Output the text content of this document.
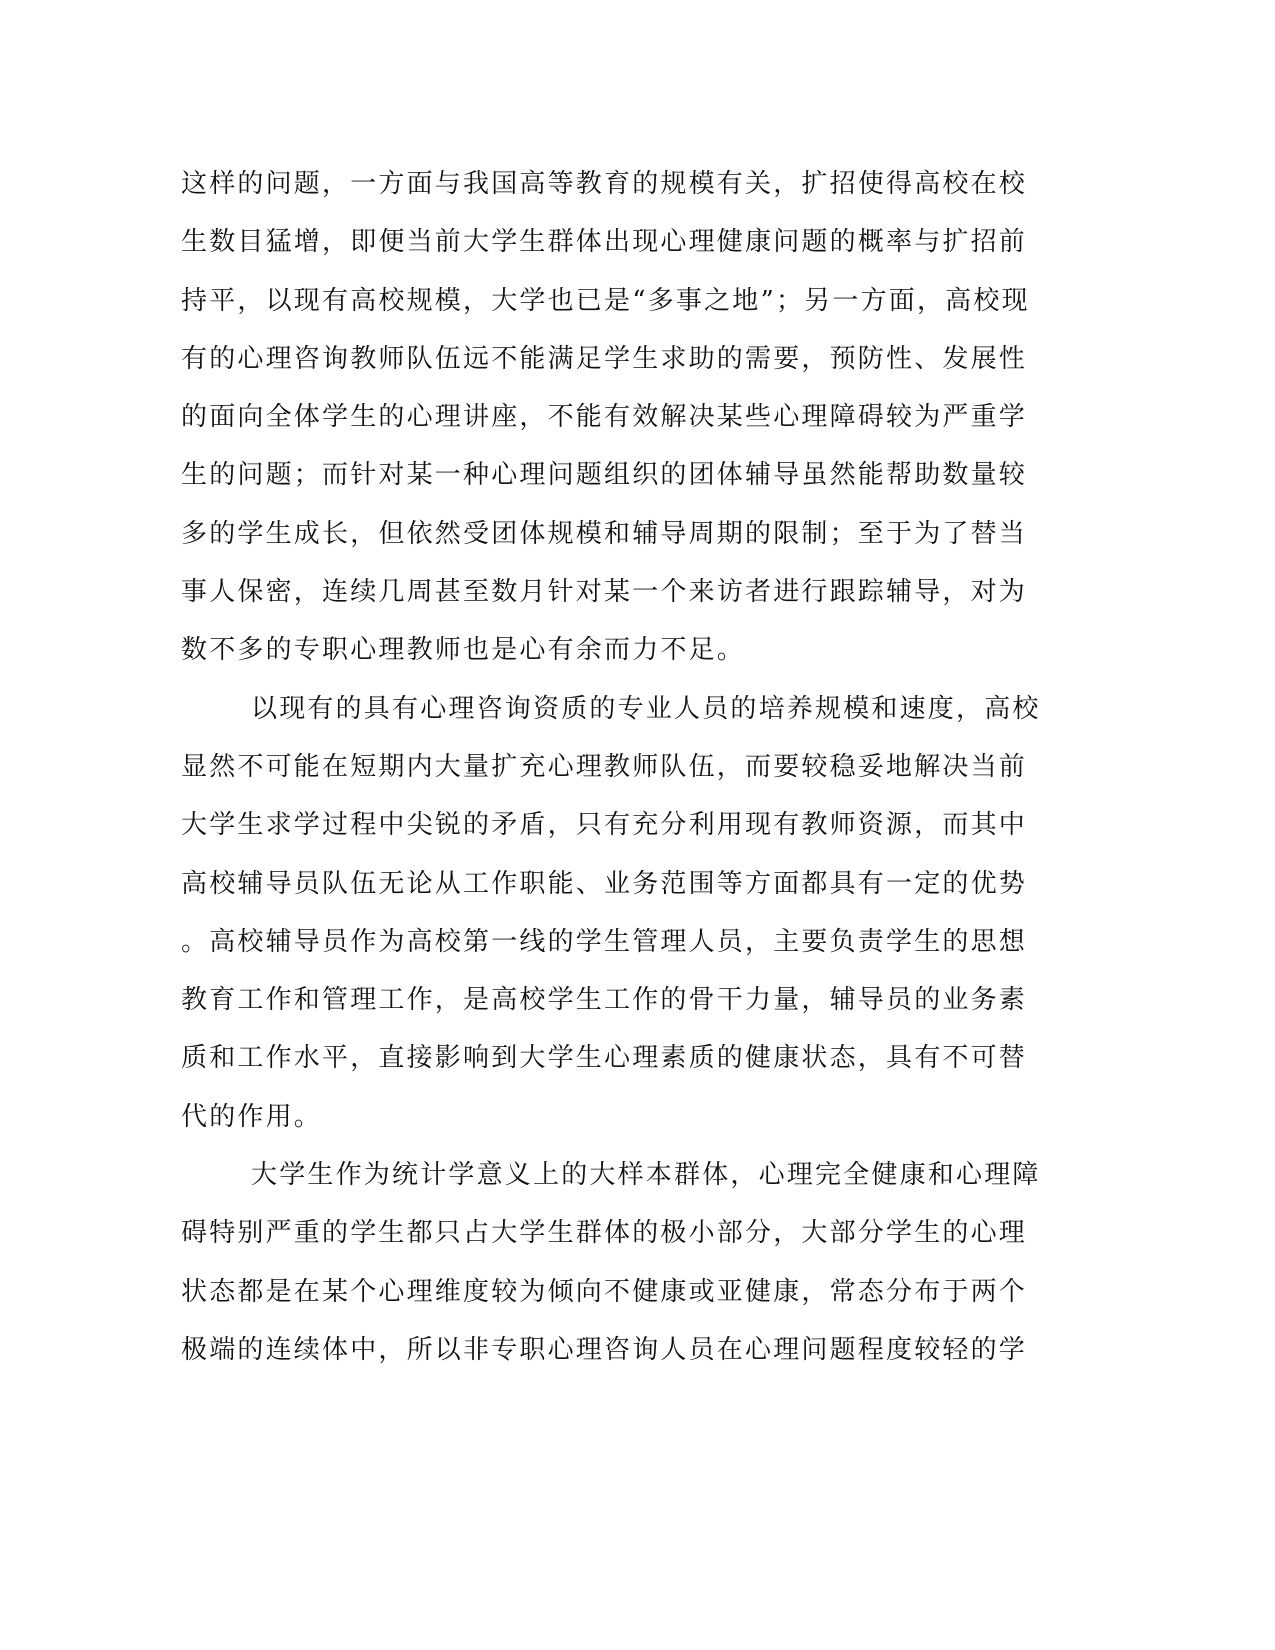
这样的问题，一方面与我国高等教育的规模有关，扩招使得高校在校
生数目猛增，即便当前大学生群体出现心理健康问题的概率与扩招前
持平，以现有高校规模，大学也已是“多事之地”；另一方面，高校现
有的心理咨询教师队伍远不能满足学生求助的需要，预防性、发展性
的面向全体学生的心理讲座，不能有效解决某些心理障碍较为严重学
生的问题；而针对某一种心理问题组织的团体辅导虽然能帮助数量较
多的学生成长，但依然受团体规模和辅导周期的限制；至于为了替当
事人保密，连续几周甚至数月针对某一个来访者进行跟踪辅导，对为
数不多的专职心理教师也是心有余而力不足。
以现有的具有心理咨询资质的专业人员的培养规模和速度，高校
显然不可能在短期内大量扩充心理教师队伍，而要较稳妥地解决当前
大学生求学过程中尖锐的矛盾，只有充分利用现有教师资源，而其中
高校辅导员队伍无论从工作职能、业务范围等方面都具有一定的优势
。高校辅导员作为高校第一线的学生管理人员，主要负责学生的思想
教育工作和管理工作，是高校学生工作的骨干力量，辅导员的业务素
质和工作水平，直接影响到大学生心理素质的健康状态，具有不可替
代的作用。
大学生作为统计学意义上的大样本群体，心理完全健康和心理障
碍特别严重的学生都只占大学生群体的极小部分，大部分学生的心理
状态都是在某个心理维度较为倾向不健康或亚健康，常态分布于两个
极端的连续体中，所以非专职心理咨询人员在心理问题程度较轻的学
